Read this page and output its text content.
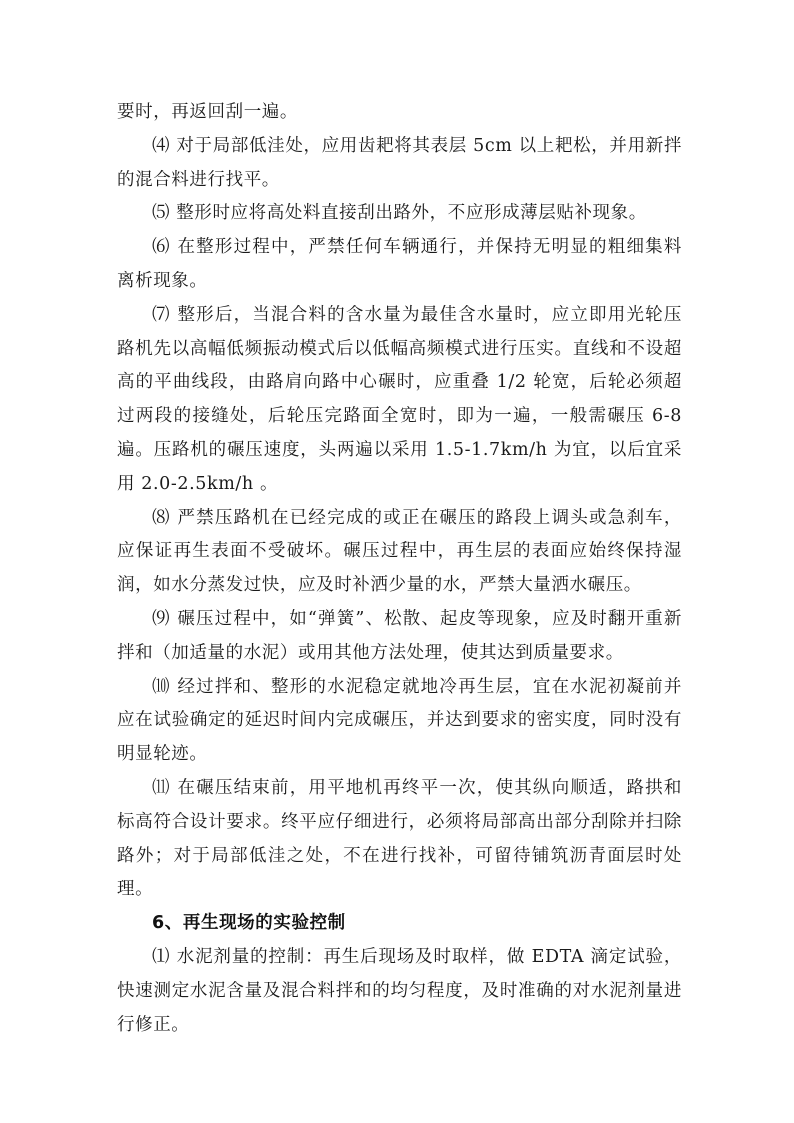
要时，再返回刮一遍。

⑷ 对于局部低洼处，应用齿耙将其表层 5cm 以上耙松，并用新拌的混合料进行找平。

⑸ 整形时应将高处料直接刮出路外，不应形成薄层贴补现象。

⑹ 在整形过程中，严禁任何车辆通行，并保持无明显的粗细集料离析现象。

⑺ 整形后，当混合料的含水量为最佳含水量时，应立即用光轮压路机先以高幅低频振动模式后以低幅高频模式进行压实。直线和不设超高的平曲线段，由路肩向路中心碾时，应重叠 1/2 轮宽，后轮必须超过两段的接缝处，后轮压完路面全宽时，即为一遍，一般需碾压 6-8 遍。压路机的碾压速度，头两遍以采用 1.5-1.7km/h 为宜，以后宜采用 2.0-2.5km/h 。

⑻ 严禁压路机在已经完成的或正在碾压的路段上调头或急刹车，应保证再生表面不受破坏。碾压过程中，再生层的表面应始终保持湿润，如水分蒸发过快，应及时补洒少量的水，严禁大量洒水碾压。

⑼ 碾压过程中，如“弹簧”、松散、起皮等现象，应及时翻开重新拌和（加适量的水泥）或用其他方法处理，使其达到质量要求。

⑽ 经过拌和、整形的水泥稳定就地冷再生层，宜在水泥初凝前并应在试验确定的延迟时间内完成碾压，并达到要求的密实度，同时没有明显轮迹。

⑾ 在碾压结束前，用平地机再终平一次，使其纵向顺适，路拱和标高符合设计要求。终平应仔细进行，必须将局部高出部分刮除并扫除路外；对于局部低洼之处，不在进行找补，可留待铺筑沥青面层时处理。

6、再生现场的实验控制

⑴ 水泥剂量的控制：再生后现场及时取样，做 EDTA 滴定试验，快速测定水泥含量及混合料拌和的均匀程度，及时准确的对水泥剂量进行修正。
